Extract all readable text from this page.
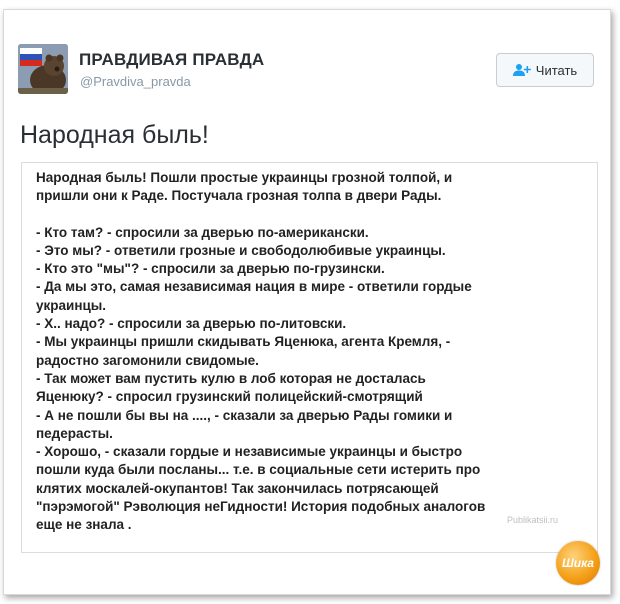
ПРАВДИВАЯ ПРАВДА
@Pravdiva_pravda
Читать
Народная быль!
Народная быль! Пошли простые украинцы грозной толпой, и
пришли они к Раде. Постучала грозная толпа в двери Рады.
- Кто там? - спросили за дверью по-американски.
- Это мы? - ответили грозные и свободолюбивые украинцы.
- Кто это "мы"? - спросили за дверью по-грузински.
- Да мы это, самая независимая нация в мире - ответили гордые
украинцы.
- Х.. надо? - спросили за дверью по-литовски.
- Мы украинцы пришли скидывать Яценюка, агента Кремля, -
радостно загомонили свидомые.
- Так может вам пустить кулю в лоб которая не досталась
Яценюку? - спросил грузинский полицейский-смотрящий
- А не пошли бы вы на ...., - сказали за дверью Рады гомики и
педерасты.
- Хорошо, - сказали гордые и независимые украинцы и быстро
пошли куда были посланы... т.е. в социальные сети истерить про
клятих москалей-окупантов! Так закончилась потрясающей
"пэрэмогой" Рэволюция неГидности! История подобных аналогов
еще не знала .	Publikatsii.ru
Шика
